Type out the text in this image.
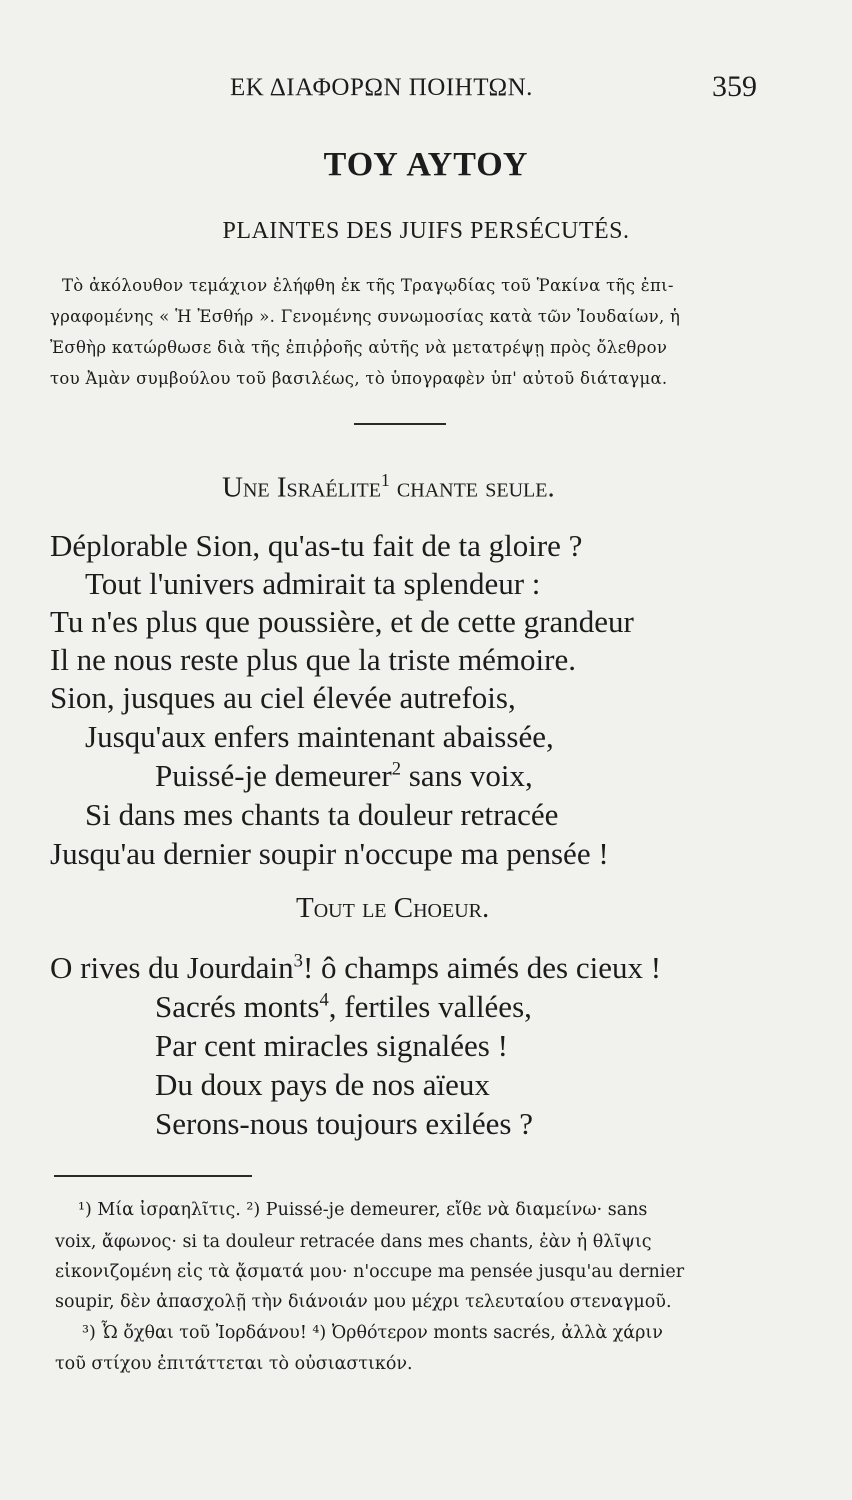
ΕΚ ΔΙΑΦΟΡΩΝ ΠΟΙΗΤΩΝ.	359
ΤΟΥ ΑΥΤΟΥ
PLAINTES DES JUIFS PERSÉCUTÉS.
Τὸ ἀκόλουθον τεμάχιον ἐλήφθη ἐκ τῆς Τραγῳδίας τοῦ Ῥακίνα τῆς ἐπι-
γραφομένης « Ἡ Ἐσθήρ ». Γενομένης συνωμοσίας κατὰ τῶν Ἰουδαίων, ἡ
Ἐσθὴρ κατώρθωσε διὰ τῆς ἐπιῤῥοῆς αὐτῆς νὰ μετατρέψῃ πρὸς ὄλεθρον
του Ἀμὰν συμβούλου τοῦ βασιλέως, τὸ ὑπογραφὲν ὑπ' αὐτοῦ διάταγμα.
Une Israélite$^1$ chante seule.
Déplorable Sion, qu'as-tu fait de ta gloire ?
Tout l'univers admirait ta splendeur :
Tu n'es plus que poussière, et de cette grandeur
Il ne nous reste plus que la triste mémoire.
Sion, jusques au ciel élevée autrefois,
Jusqu'aux enfers maintenant abaissée,
Puissé-je demeurer$^2$ sans voix,
Si dans mes chants ta douleur retracée
Jusqu'au dernier soupir n'occupe ma pensée !
Tout le Choeur.
O rives du Jourdain$^3$! ô champs aimés des cieux !
Sacrés monts$^4$, fertiles vallées,
Par cent miracles signalées !
Du doux pays de nos aïeux
Serons-nous toujours exilées ?
¹) Μία ἰσραηλῖτις. ²) Puissé-je demeurer, εἴθε νὰ διαμείνω· sans
voix, ἄφωνος· si ta douleur retracée dans mes chants, ἐὰν ἡ θλῖψις
εἰκονιζομένη εἰς τὰ ᾄσματά μου· n'occupe ma pensée jusqu'au dernier
soupir, δὲν ἀπασχολῇ τὴν διάνοιάν μου μέχρι τελευταίου στεναγμοῦ.
³) Ὦ ὄχθαι τοῦ Ἰορδάνου! ⁴) Ὀρθότερον monts sacrés, ἀλλὰ χάριν
τοῦ στίχου ἐπιτάττεται τὸ οὐσιαστικόν.
